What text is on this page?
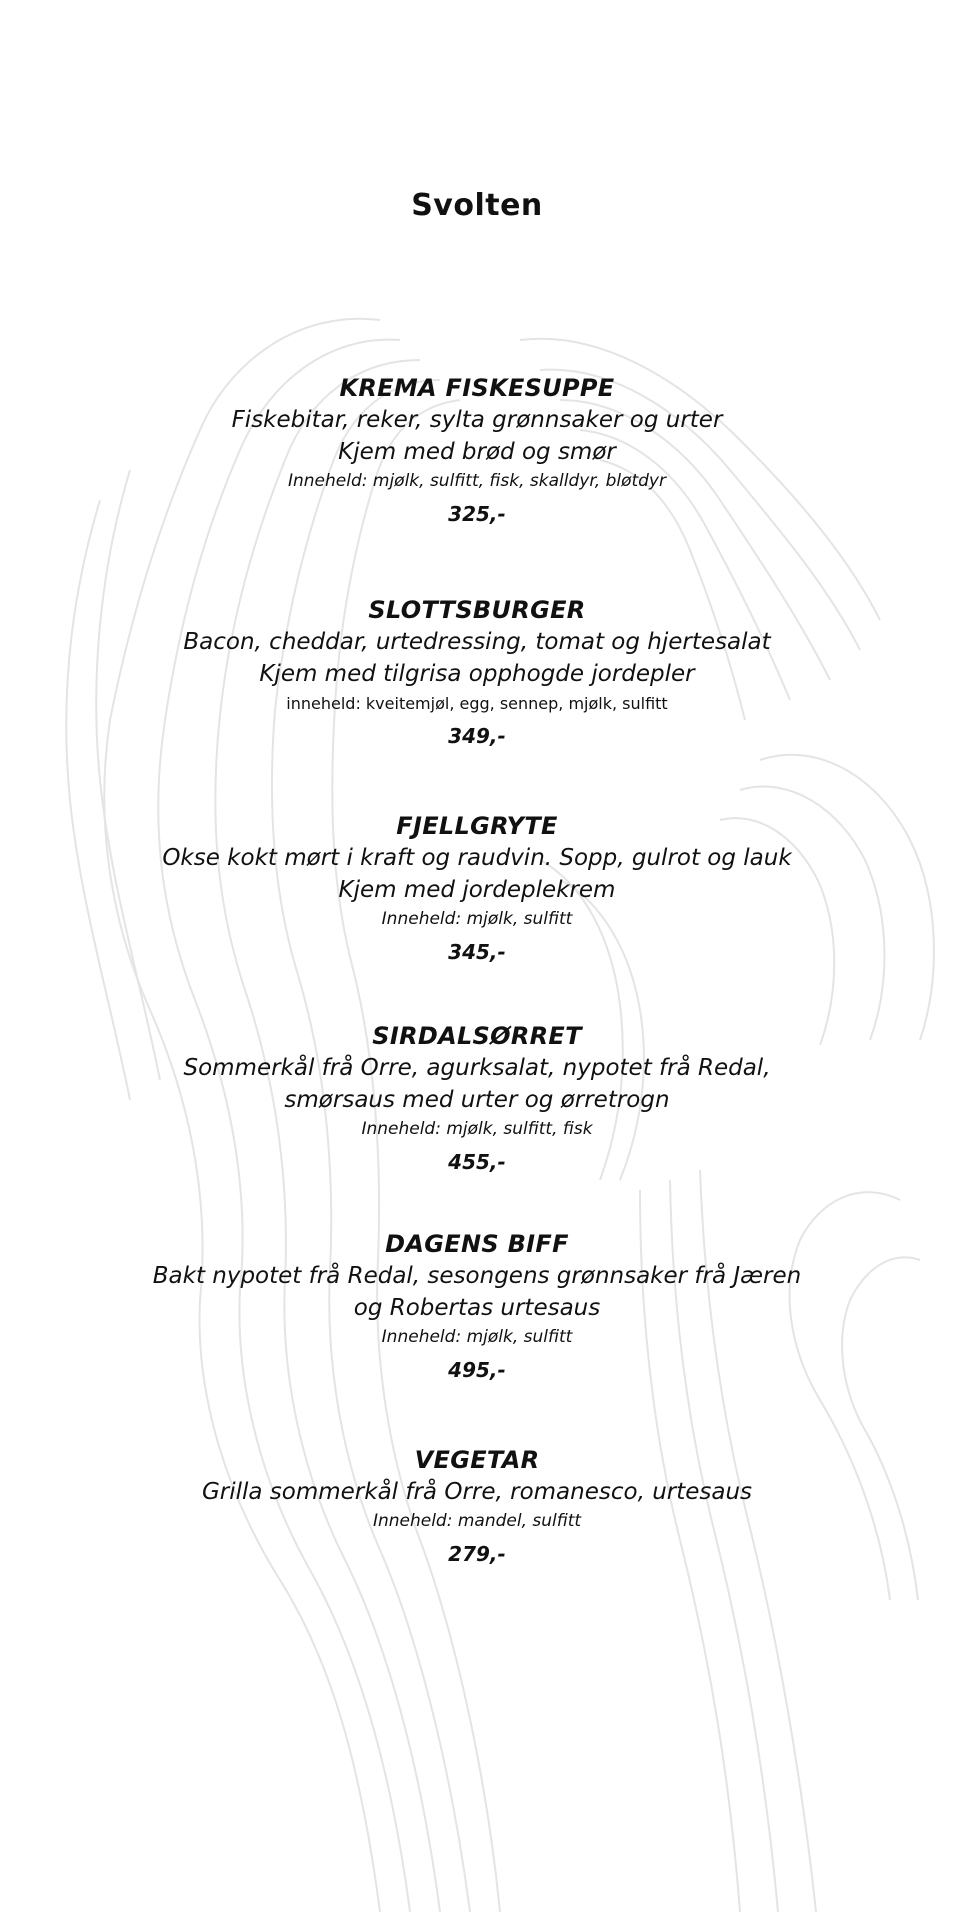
Svolten
KREMA FISKESUPPE
Fiskebitar, reker, sylta grønnsaker og urter
Kjem med brød og smør
Inneheld: mjølk, sulfitt, fisk, skalldyr, bløtdyr
325,-
SLOTTSBURGER
Bacon, cheddar, urtedressing, tomat og hjertesalat
Kjem med tilgrisa opphogde jordepler
inneheld: kveitemjøl, egg, sennep, mjølk, sulfitt
349,-
FJELLGRYTE
Okse kokt mørt i kraft og raudvin. Sopp, gulrot og lauk
Kjem med jordeplekrem
Inneheld: mjølk, sulfitt
345,-
SIRDALSØRRET
Sommerkål frå Orre, agurksalat, nypotet frå Redal,
smørsaus med urter og ørretrogn
Inneheld: mjølk, sulfitt, fisk
455,-
DAGENS BIFF
Bakt nypotet frå Redal, sesongens grønnsaker frå Jæren
og Robertas urtesaus
Inneheld: mjølk, sulfitt
495,-
VEGETAR
Grilla sommerkål frå Orre, romanesco, urtesaus
Inneheld: mandel, sulfitt
279,-
